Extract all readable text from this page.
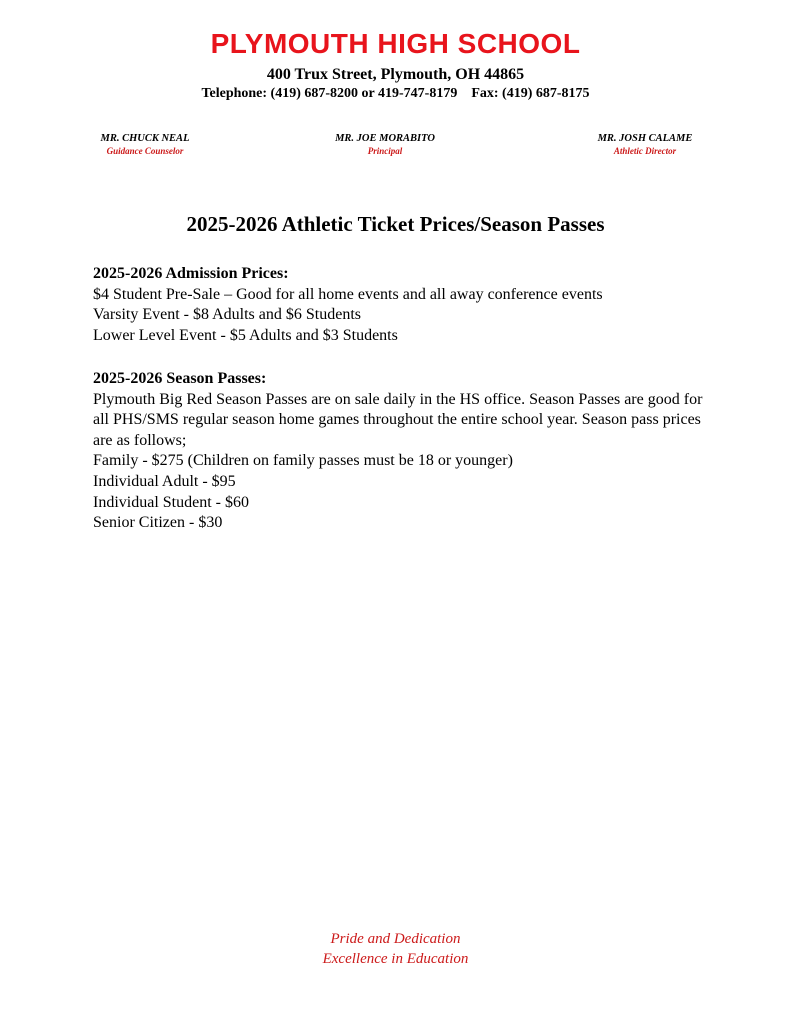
PLYMOUTH HIGH SCHOOL
400 Trux Street, Plymouth, OH 44865
Telephone: (419) 687-8200 or 419-747-8179 Fax: (419) 687-8175
MR. CHUCK NEAL
Guidance Counselor
MR. JOE MORABITO
Principal
MR. JOSH CALAME
Athletic Director
2025-2026 Athletic Ticket Prices/Season Passes

2025-2026 Admission Prices:

$4 Student Pre-Sale – Good for all home events and all away conference events

Varsity Event - $8 Adults and $6 Students

Lower Level Event - $5 Adults and $3 Students

2025-2026 Season Passes:

Plymouth Big Red Season Passes are on sale daily in the HS office. Season Passes are good for all PHS/SMS regular season home games throughout the entire school year. Season pass prices are as follows;

Family - $275 (Children on family passes must be 18 or younger)

Individual Adult - $95

Individual Student - $60

Senior Citizen - $30

Pride and Dedication
Excellence in Education
